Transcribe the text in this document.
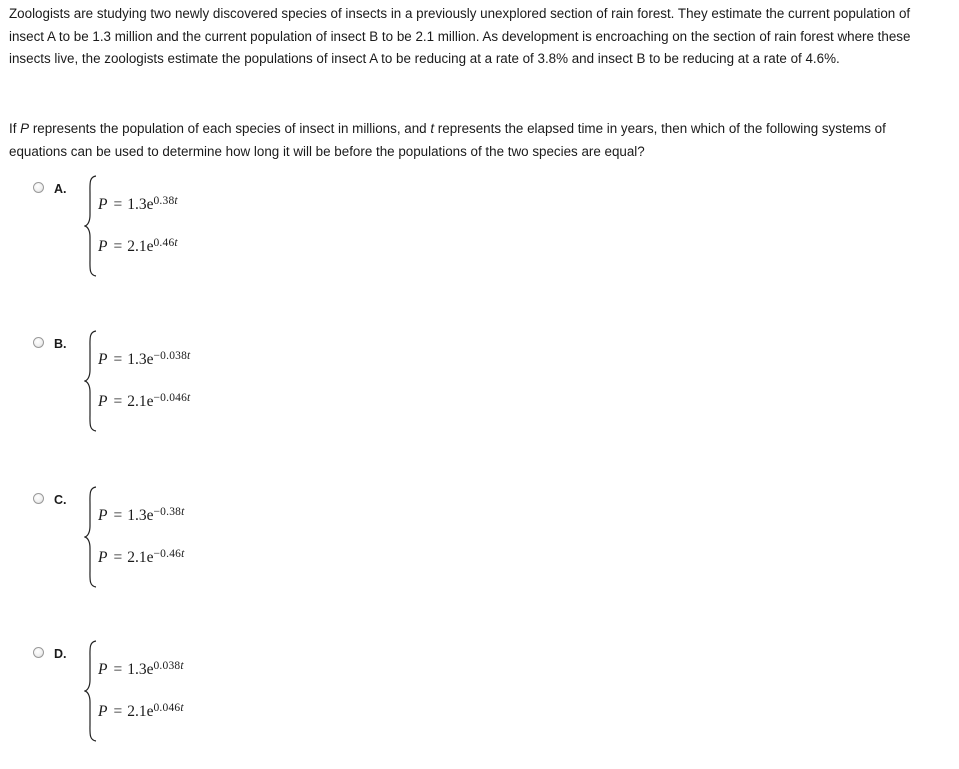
Zoologists are studying two newly discovered species of insects in a previously unexplored section of rain forest. They estimate the current population of insect A to be 1.3 million and the current population of insect B to be 2.1 million. As development is encroaching on the section of rain forest where these insects live, the zoologists estimate the populations of insect A to be reducing at a rate of 3.8% and insect B to be reducing at a rate of 4.6%.

If P represents the population of each species of insect in millions, and t represents the elapsed time in years, then which of the following systems of equations can be used to determine how long it will be before the populations of the two species are equal?

A.
$P = 1.3e^{0.38t}$
$P = 2.1e^{0.46t}$
B.
$P = 1.3e^{-0.038t}$
$P = 2.1e^{-0.046t}$
C.
$P = 1.3e^{-0.38t}$
$P = 2.1e^{-0.46t}$
D.
$P = 1.3e^{0.038t}$
$P = 2.1e^{0.046t}$
